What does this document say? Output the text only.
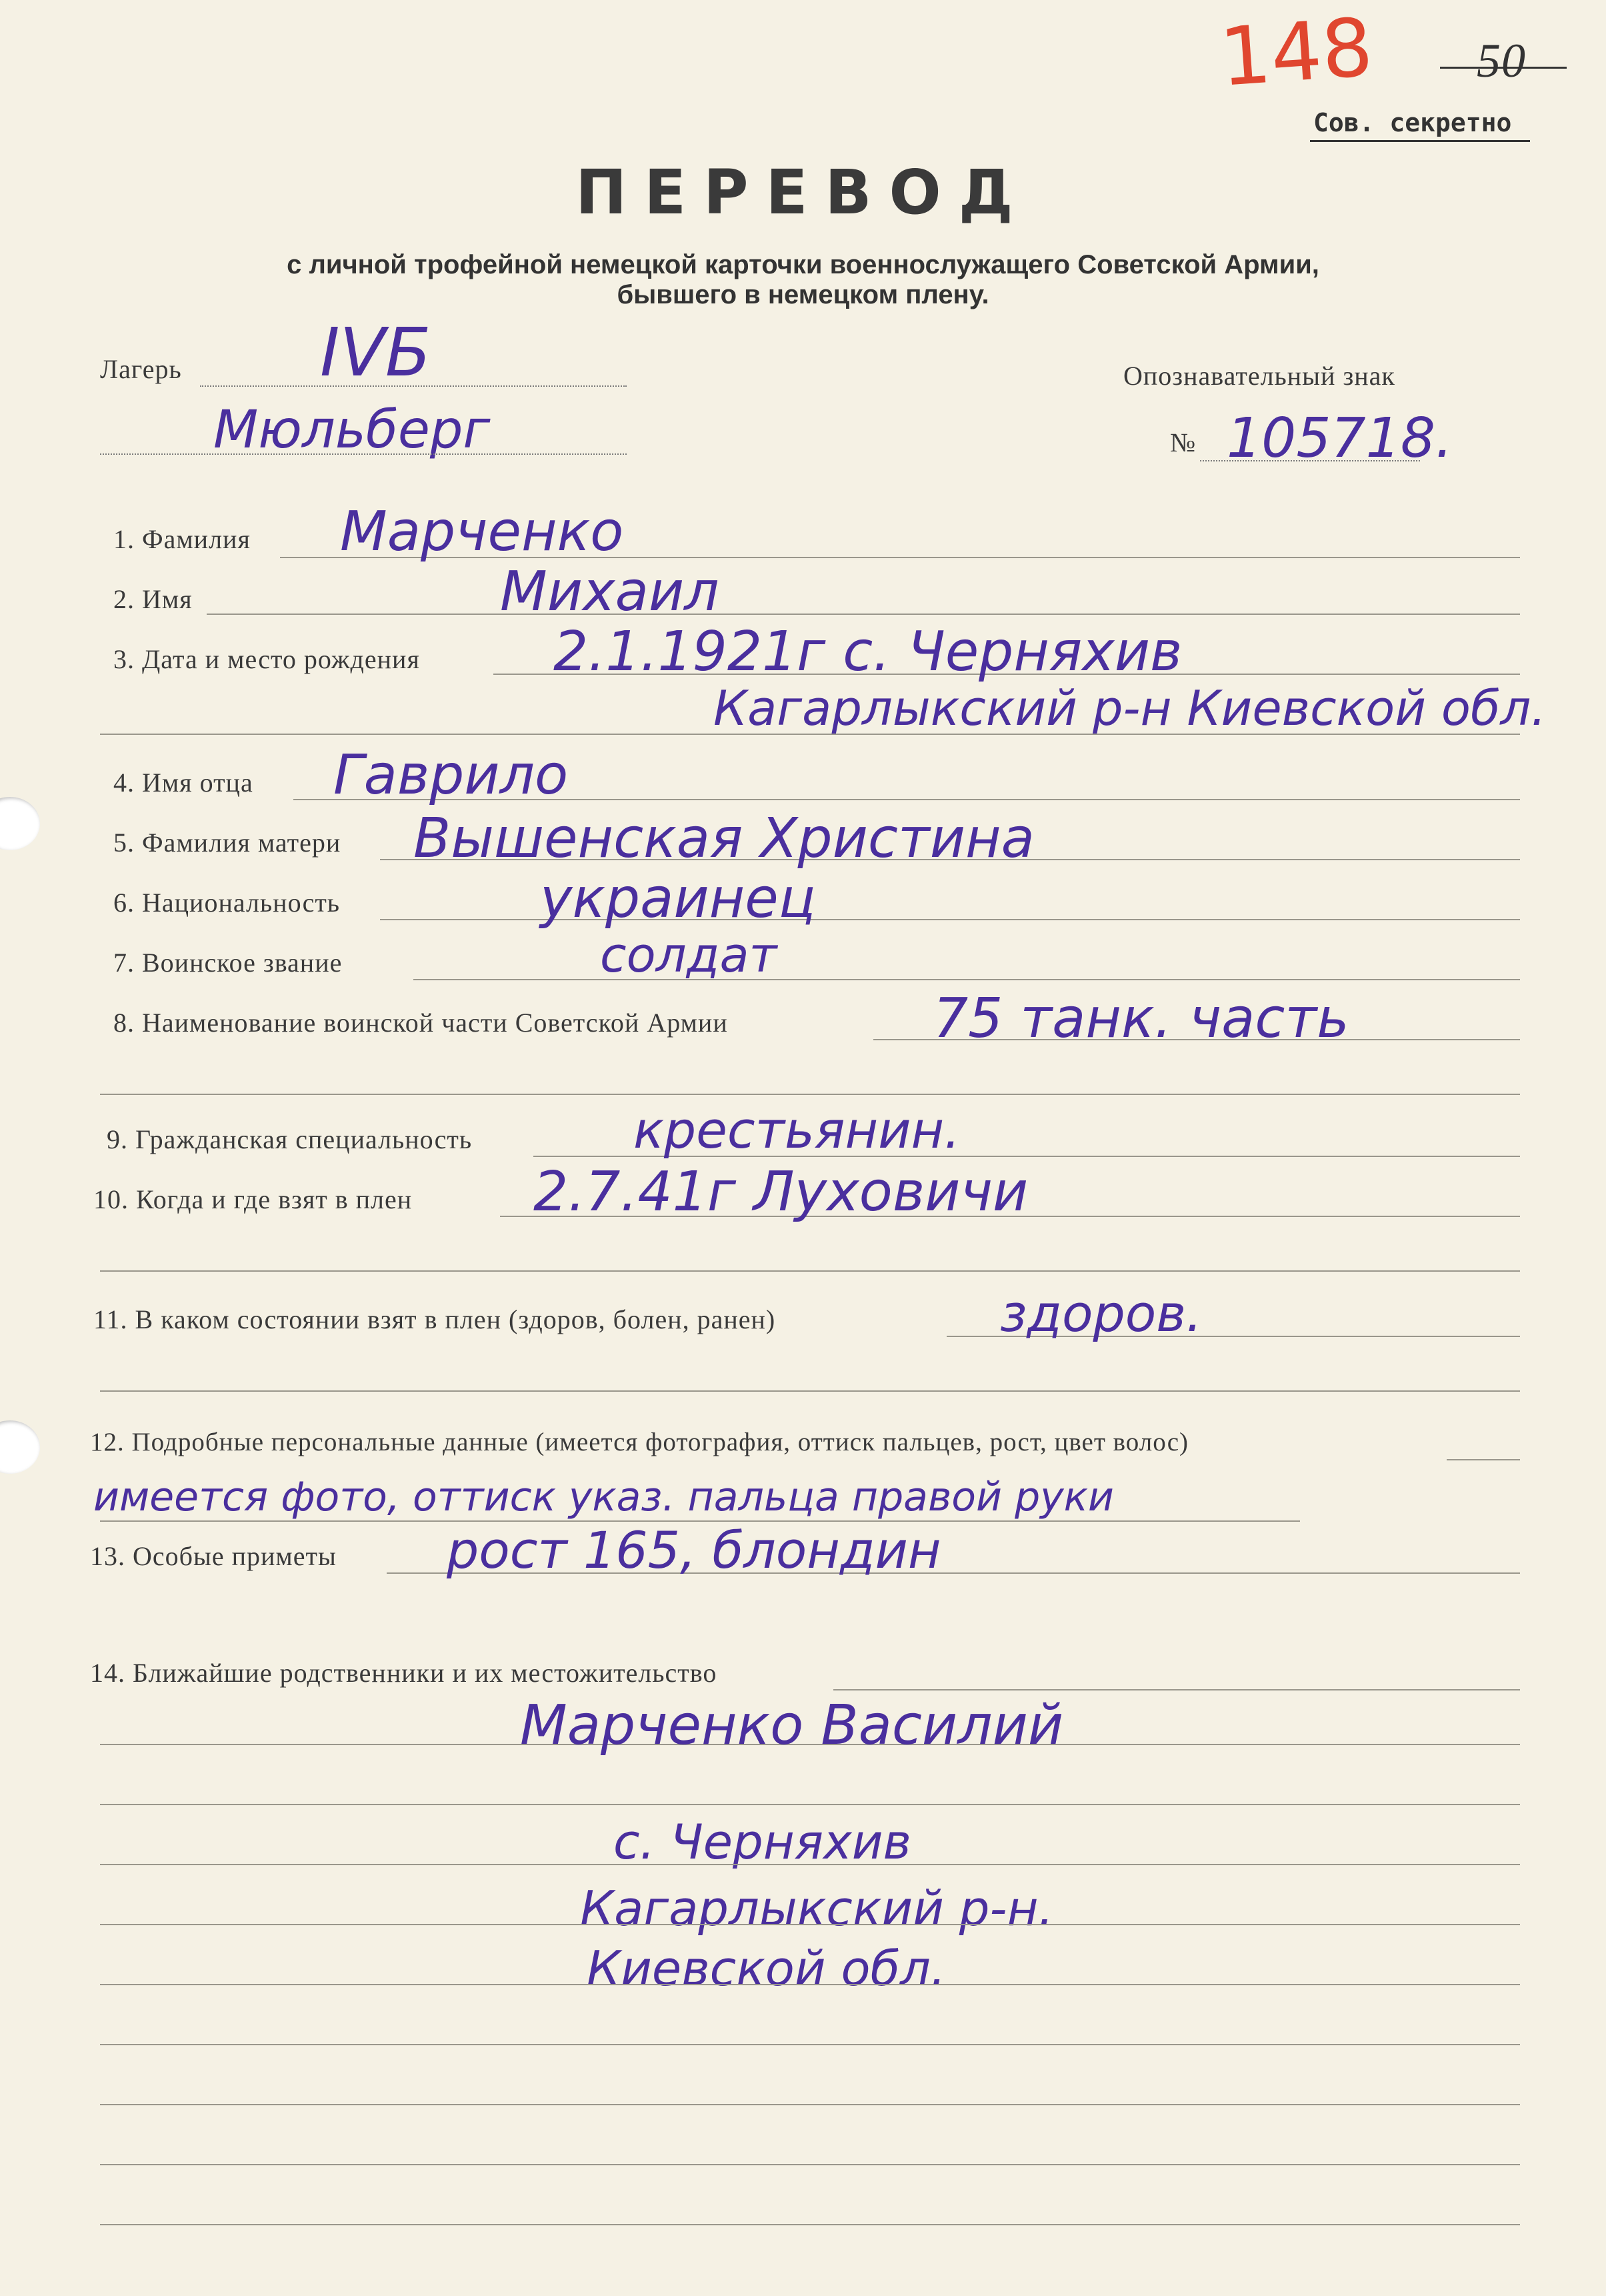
148 50
Сов. секретно
ПЕРЕВОД
с личной трофейной немецкой карточки военнослужащего Советской Армии,
бывшего в немецком плену.
Лагерь IVБ
Мюльберг
Опознавательный знак
№ 105718.
1. Фамилия Марченко
2. Имя	Михаил
3. Дата и место рождения 2.1.1921г с. Черняхив
Кагарлыкский р-н Киевской обл.
4. Имя отца Гаврило
5. Фамилия матери Вышенская Христина
6. Национальность	украинец
7. Воинское звание	солдат
8. Наименование воинской части Советской Армии	75 танк. часть
9. Гражданская специальность	крестьянин.
10. Когда и где взят в плен 2.7.41г Луховичи
11. В каком состоянии взят в плен (здоров, болен, ранен)	здоров.
12. Подробные персональные данные (имеется фотография, оттиск пальцев, рост, цвет волос)
имеется фото, оттиск указ. пальца правой руки
13. Особые приметы рост 165, блондин
14. Ближайшие родственники и их местожительство
Марченко Василий
с. Черняхив
Кагарлыкский р-н.
Киевской обл.
